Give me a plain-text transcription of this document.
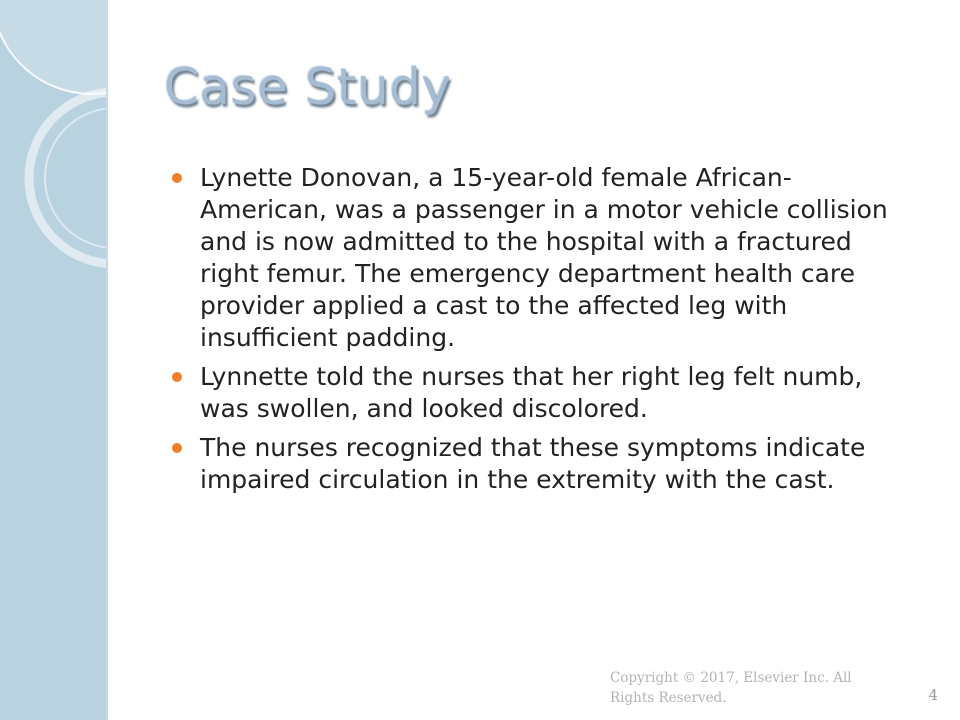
Case Study
Lynette Donovan, a 15-year-old female African-American, was a passenger in a motor vehicle collision and is now admitted to the hospital with a fractured right femur. The emergency department health care provider applied a cast to the affected leg with insufficient padding.
Lynnette told the nurses that her right leg felt numb, was swollen, and looked discolored.
The nurses recognized that these symptoms indicate impaired circulation in the extremity with the cast.
Copyright © 2017, Elsevier Inc. All Rights Reserved.	4
